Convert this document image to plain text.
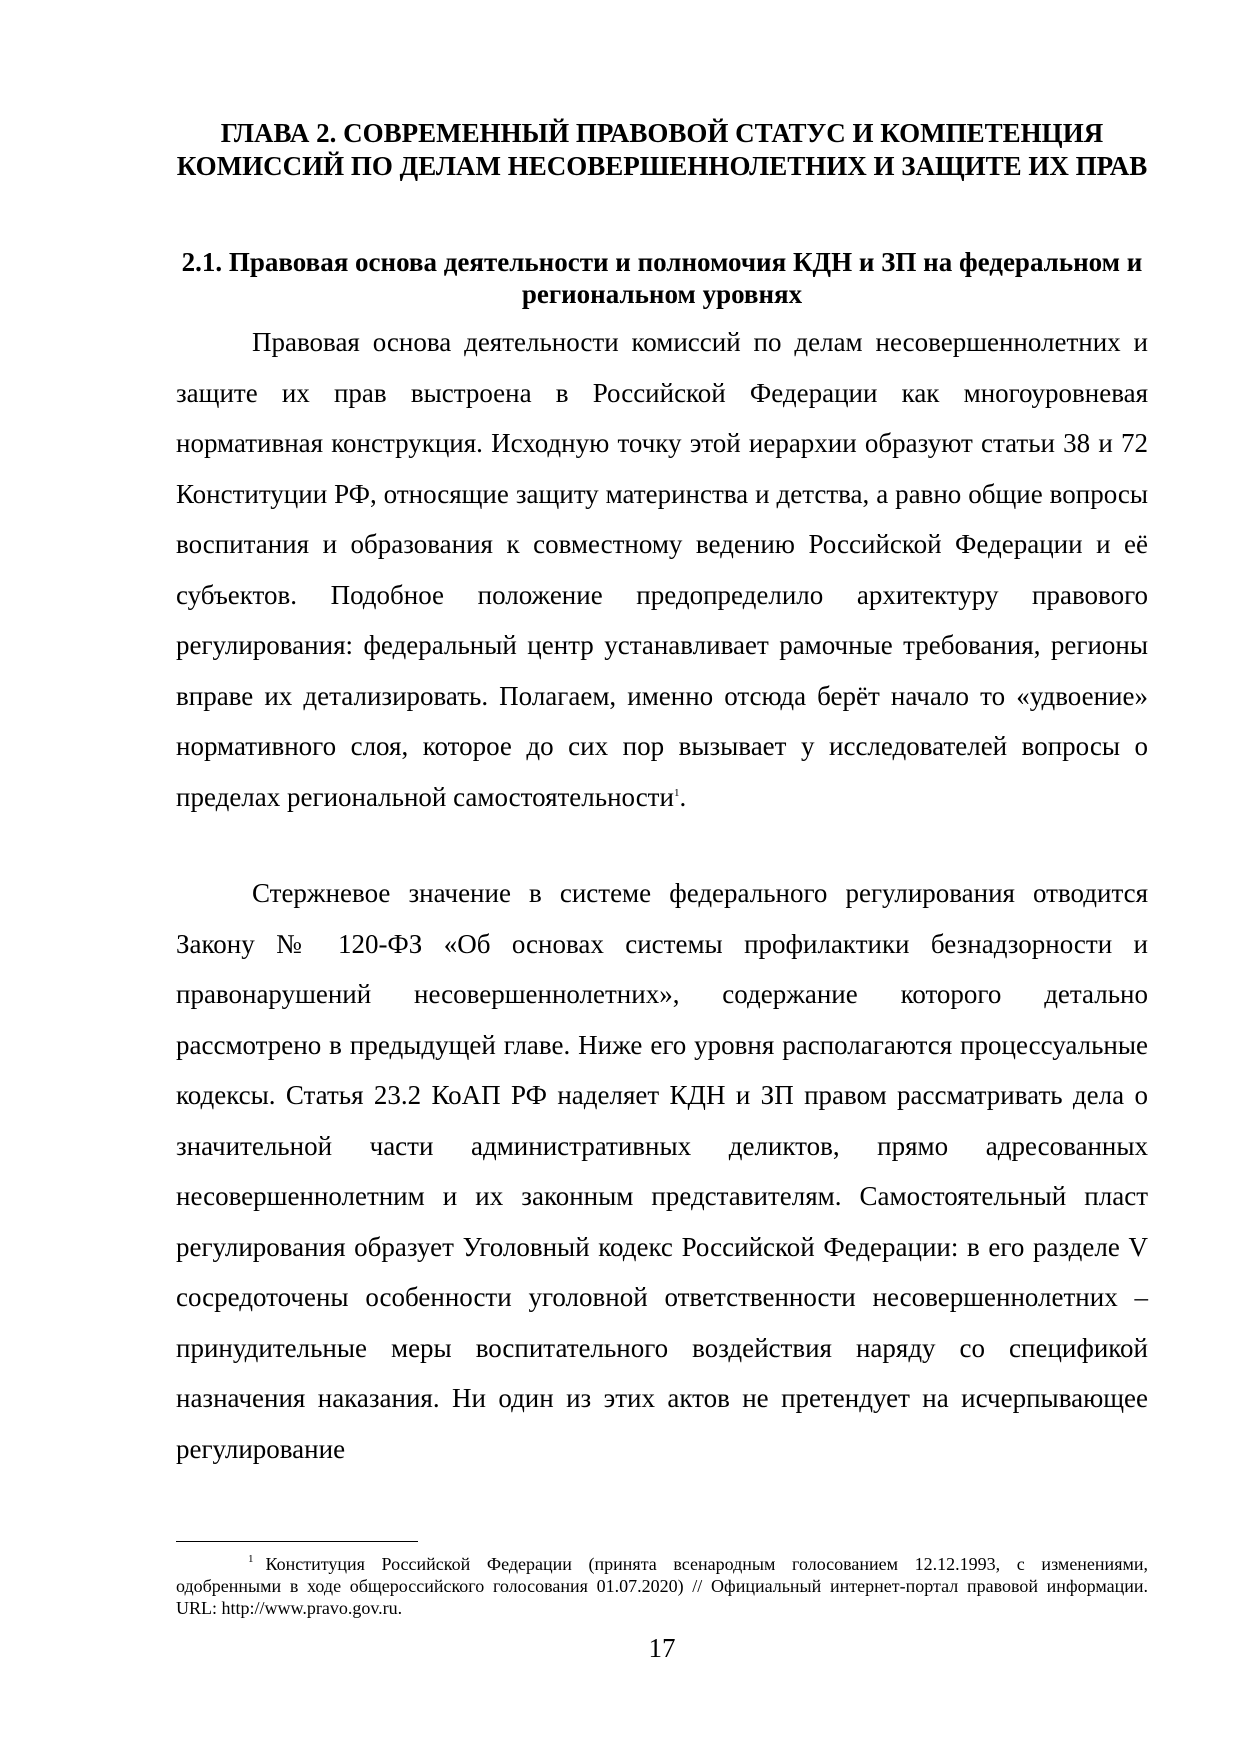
ГЛАВА 2. СОВРЕМЕННЫЙ ПРАВОВОЙ СТАТУС И КОМПЕТЕНЦИЯ КОМИССИЙ ПО ДЕЛАМ НЕСОВЕРШЕННОЛЕТНИХ И ЗАЩИТЕ ИХ ПРАВ
2.1. Правовая основа деятельности и полномочия КДН и ЗП на федеральном и региональном уровнях

Правовая основа деятельности комиссий по делам несовершеннолетних и защите их прав выстроена в Российской Федерации как многоуровневая нормативная конструкция. Исходную точку этой иерархии образуют статьи 38 и 72 Конституции РФ, относящие защиту материнства и детства, а равно общие вопросы воспитания и образования к совместному ведению Российской Федерации и её субъектов. Подобное положение предопределило архитектуру правового регулирования: федеральный центр устанавливает рамочные требования, регионы вправе их детализировать. Полагаем, именно отсюда берёт начало то «удвоение» нормативного слоя, которое до сих пор вызывает у исследователей вопросы о пределах региональной самостоятельности$^1$.

Стержневое значение в системе федерального регулирования отводится Закону № 120-ФЗ «Об основах системы профилактики безнадзорности и правонарушений несовершеннолетних», содержание которого детально рассмотрено в предыдущей главе. Ниже его уровня располагаются процессуальные кодексы. Статья 23.2 КоАП РФ наделяет КДН и ЗП правом рассматривать дела о значительной части административных деликтов, прямо адресованных несовершеннолетним и их законным представителям. Самостоятельный пласт регулирования образует Уголовный кодекс Российской Федерации: в его разделе V сосредоточены особенности уголовной ответственности несовершеннолетних – принудительные меры воспитательного воздействия наряду со спецификой назначения наказания. Ни один из этих актов не претендует на исчерпывающее регулирование

$^1$ Конституция Российской Федерации (принята всенародным голосованием 12.12.1993, с изменениями, одобренными в ходе общероссийского голосования 01.07.2020) // Официальный интернет-портал правовой информации. URL: http://www.pravo.gov.ru.

17
